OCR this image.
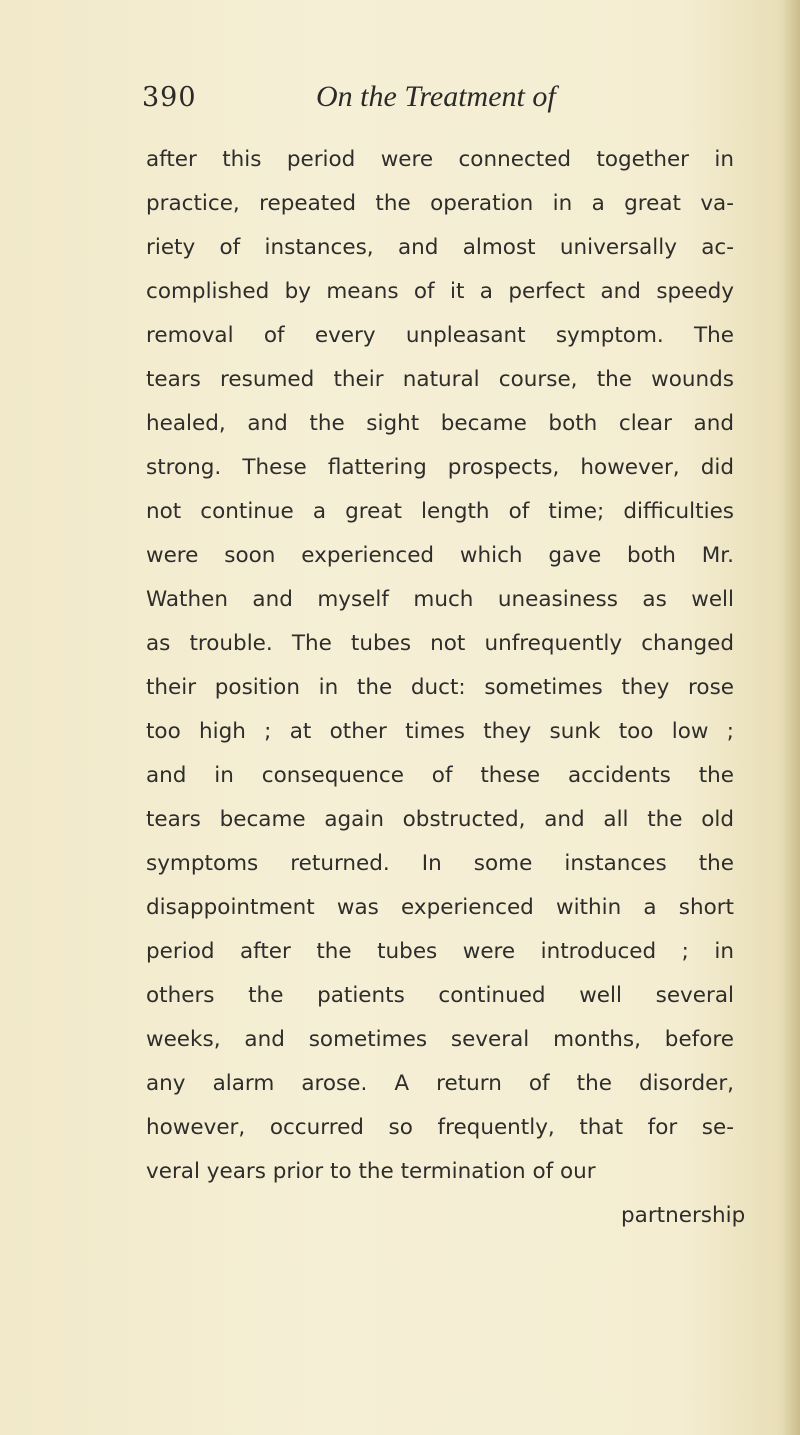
390	On the Treatment of
after this period were connected together in
practice, repeated the operation in a great va-
riety of instances, and almost universally ac-
complished by means of it a perfect and speedy
removal of every unpleasant symptom. The
tears resumed their natural course, the wounds
healed, and the sight became both clear and
strong. These flattering prospects, however, did
not continue a great length of time; difficulties
were soon experienced which gave both Mr.
Wathen and myself much uneasiness as well
as trouble. The tubes not unfrequently changed
their position in the duct: sometimes they rose
too high ; at other times they sunk too low ;
and in consequence of these accidents the
tears became again obstructed, and all the old
symptoms returned. In some instances the
disappointment was experienced within a short
period after the tubes were introduced ; in
others the patients continued well several
weeks, and sometimes several months, before
any alarm arose. A return of the disorder,
however, occurred so frequently, that for se-
veral years prior to the termination of our
partnership
